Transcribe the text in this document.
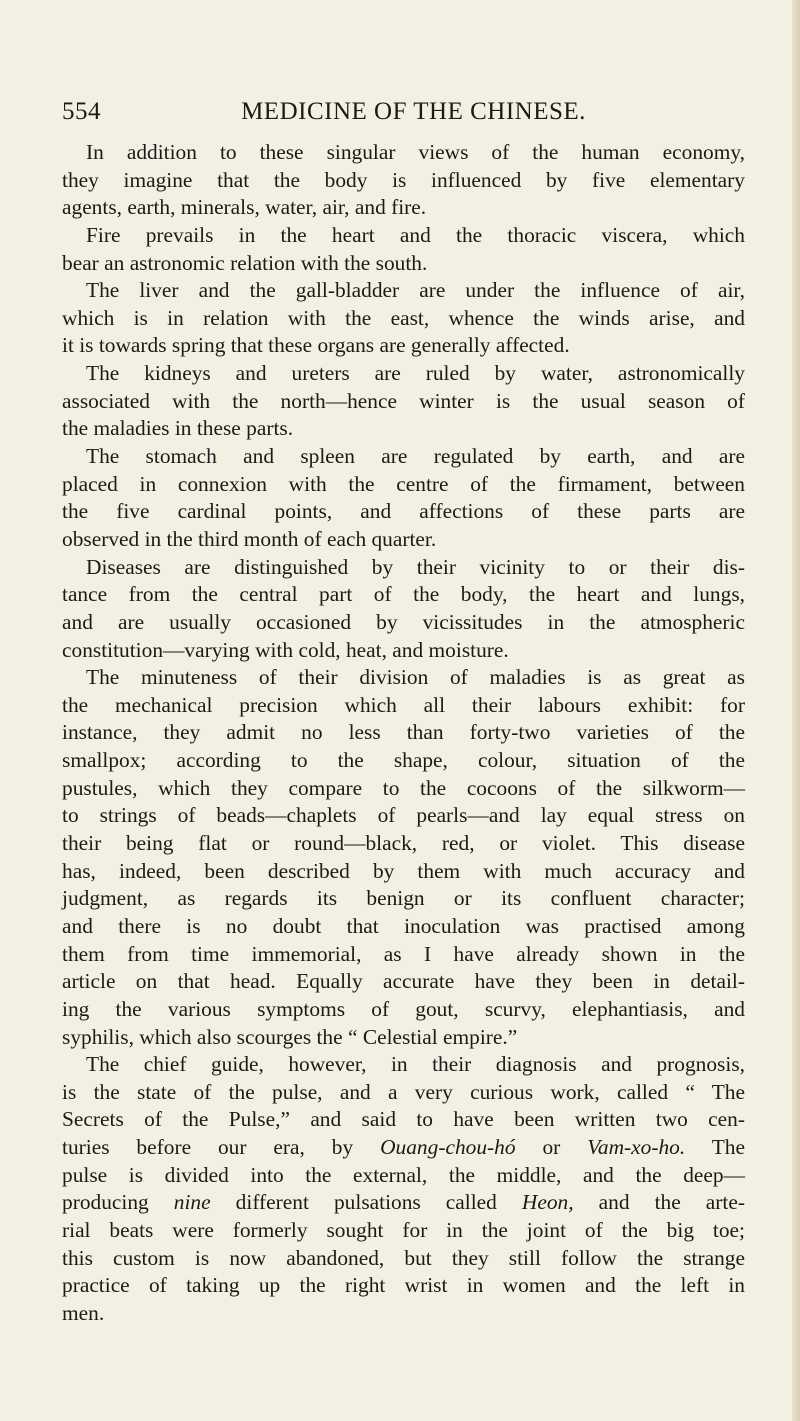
554	MEDICINE OF THE CHINESE.
In addition to these singular views of the human economy,
they imagine that the body is influenced by five elementary
agents, earth, minerals, water, air, and fire.
Fire prevails in the heart and the thoracic viscera, which
bear an astronomic relation with the south.
The liver and the gall-bladder are under the influence of air,
which is in relation with the east, whence the winds arise, and
it is towards spring that these organs are generally affected.
The kidneys and ureters are ruled by water, astronomically
associated with the north—hence winter is the usual season of
the maladies in these parts.
The stomach and spleen are regulated by earth, and are
placed in connexion with the centre of the firmament, between
the five cardinal points, and affections of these parts are
observed in the third month of each quarter.
Diseases are distinguished by their vicinity to or their dis-
tance from the central part of the body, the heart and lungs,
and are usually occasioned by vicissitudes in the atmospheric
constitution—varying with cold, heat, and moisture.
The minuteness of their division of maladies is as great as
the mechanical precision which all their labours exhibit: for
instance, they admit no less than forty-two varieties of the
smallpox; according to the shape, colour, situation of the
pustules, which they compare to the cocoons of the silkworm—
to strings of beads—chaplets of pearls—and lay equal stress on
their being flat or round—black, red, or violet. This disease
has, indeed, been described by them with much accuracy and
judgment, as regards its benign or its confluent character;
and there is no doubt that inoculation was practised among
them from time immemorial, as I have already shown in the
article on that head. Equally accurate have they been in detail-
ing the various symptoms of gout, scurvy, elephantiasis, and
syphilis, which also scourges the “ Celestial empire.”
The chief guide, however, in their diagnosis and prognosis,
is the state of the pulse, and a very curious work, called “ The
Secrets of the Pulse,” and said to have been written two cen-
turies before our era, by Ouang-chou-hó or Vam-xo-ho. The
pulse is divided into the external, the middle, and the deep—
producing nine different pulsations called Heon, and the arte-
rial beats were formerly sought for in the joint of the big toe;
this custom is now abandoned, but they still follow the strange
practice of taking up the right wrist in women and the left in
men.
